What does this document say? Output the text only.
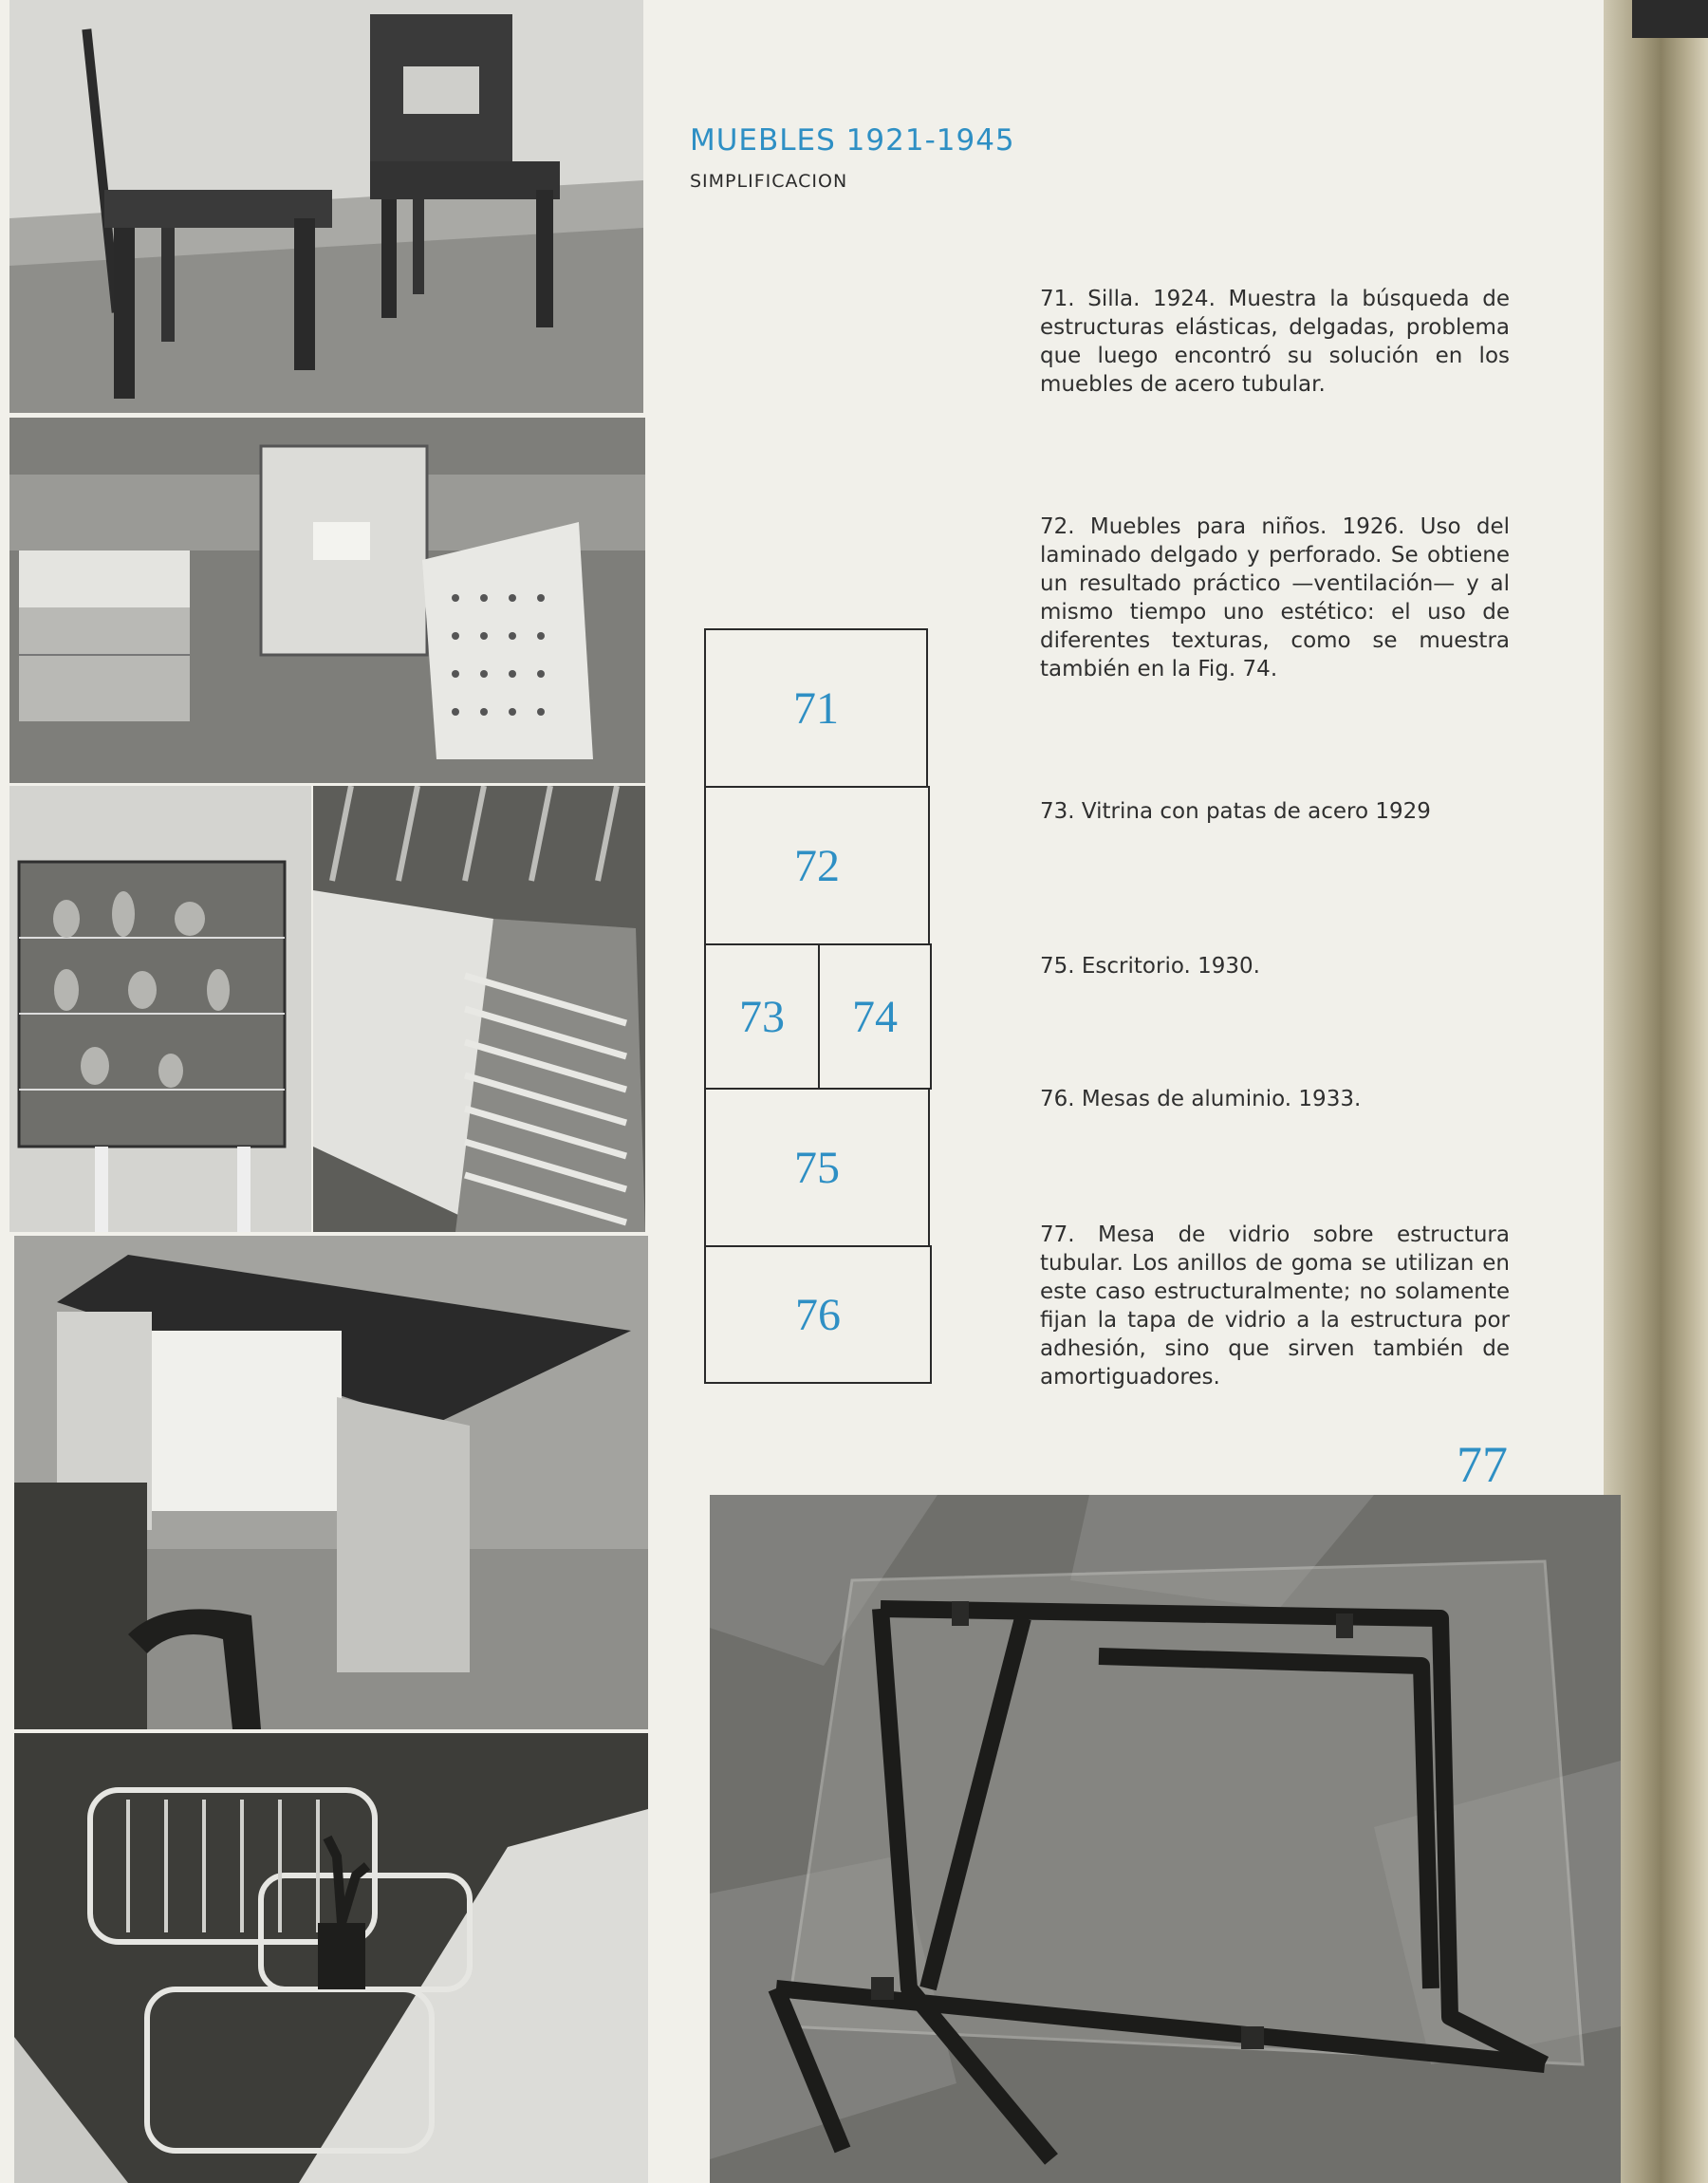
MUEBLES 1921-1945
SIMPLIFICACION
71. Silla. 1924. Muestra la búsqueda de estructuras elásticas, delgadas, problema que luego encontró su solución en los muebles de acero tubular.
72. Muebles para niños. 1926. Uso del laminado delgado y perforado. Se obtiene un resultado práctico —ventilación— y al mismo tiempo uno estético: el uso de diferentes texturas, como se muestra también en la Fig. 74.
73. Vitrina con patas de acero 1929
75. Escritorio. 1930.
76. Mesas de aluminio. 1933.
77. Mesa de vidrio sobre estructura tubular. Los anillos de goma se utilizan en este caso estructuralmente; no solamente fijan la tapa de vidrio a la estructura por adhesión, sino que sirven también de amortiguadores.
71
72
73	74
75
76
77
